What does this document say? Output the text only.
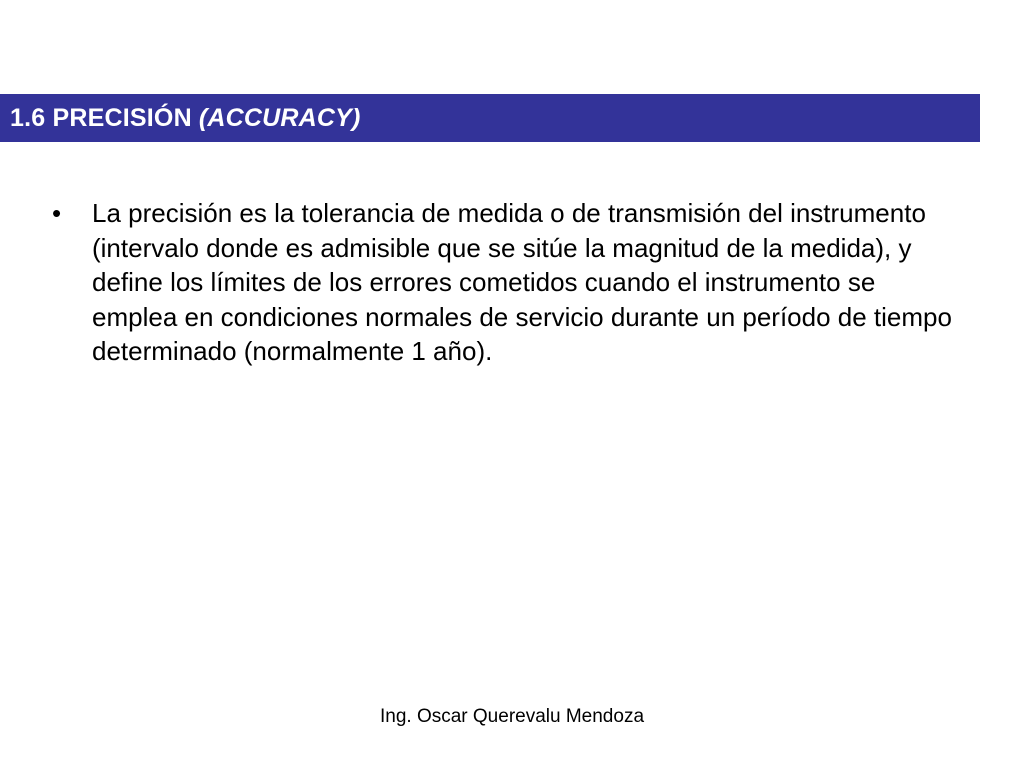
1.6 PRECISIÓN (ACCURACY)
•	La precisión es la tolerancia de medida o de transmisión del instrumento (intervalo donde es admisible que se sitúe la magnitud de la medida), y define los límites de los errores cometidos cuando el instrumento se emplea en condiciones normales de servicio durante un período de tiempo determinado (normalmente 1 año).
Ing. Oscar Querevalu Mendoza
